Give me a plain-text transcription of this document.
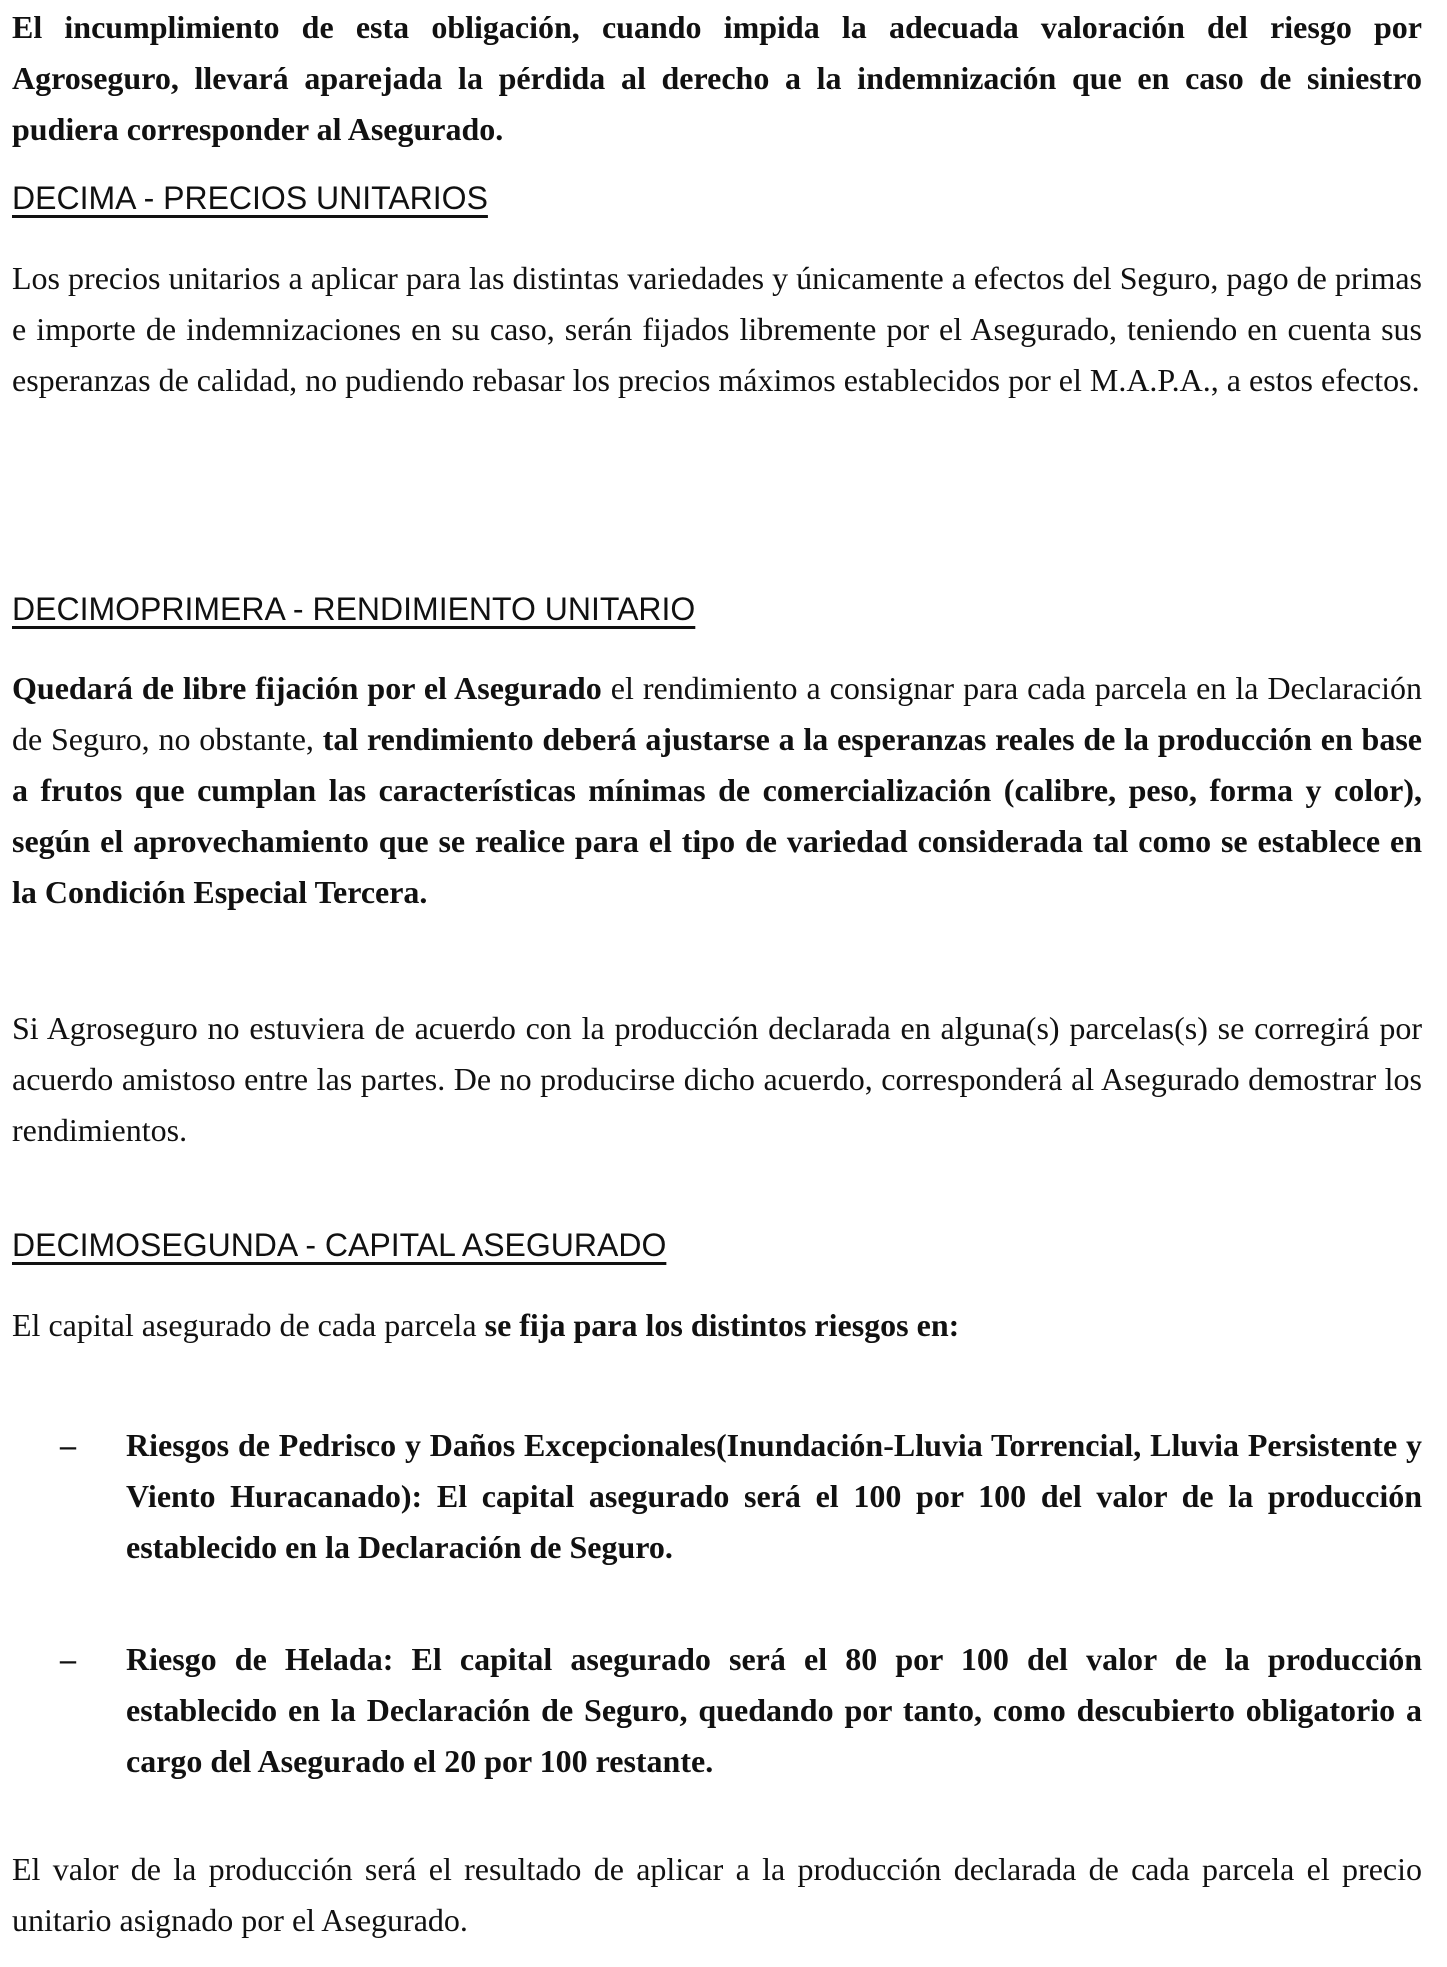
El incumplimiento de esta obligación, cuando impida la adecuada valoración del riesgo por Agroseguro, llevará aparejada la pérdida al derecho a la indemnización que en caso de siniestro pudiera corresponder al Asegurado.

DECIMA - PRECIOS UNITARIOS

Los precios unitarios a aplicar para las distintas variedades y únicamente a efectos del Seguro, pago de primas e importe de indemnizaciones en su caso, serán fijados libremente por el Asegurado, teniendo en cuenta sus esperanzas de calidad, no pudiendo rebasar los precios máximos establecidos por el M.A.P.A., a estos efectos.

DECIMOPRIMERA - RENDIMIENTO UNITARIO

Quedará de libre fijación por el Asegurado el rendimiento a consignar para cada parcela en la Declaración de Seguro, no obstante, tal rendimiento deberá ajustarse a la esperanzas reales de la producción en base a frutos que cumplan las características mínimas de comercialización (calibre, peso, forma y color), según el aprovechamiento que se realice para el tipo de variedad considerada tal como se establece en la Condición Especial Tercera.

Si Agroseguro no estuviera de acuerdo con la producción declarada en alguna(s) parcelas(s) se corregirá por acuerdo amistoso entre las partes. De no producirse dicho acuerdo, corresponderá al Asegurado demostrar los rendimientos.

DECIMOSEGUNDA - CAPITAL ASEGURADO

El capital asegurado de cada parcela se fija para los distintos riesgos en:

–	Riesgos de Pedrisco y Daños Excepcionales(Inundación-Lluvia Torrencial, Lluvia Persistente y Viento Huracanado): El capital asegurado será el 100 por 100 del valor de la producción establecido en la Declaración de Seguro.
–	Riesgo de Helada: El capital asegurado será el 80 por 100 del valor de la producción establecido en la Declaración de Seguro, quedando por tanto, como descubierto obligatorio a cargo del Asegurado el 20 por 100 restante.

El valor de la producción será el resultado de aplicar a la producción declarada de cada parcela el precio unitario asignado por el Asegurado.
